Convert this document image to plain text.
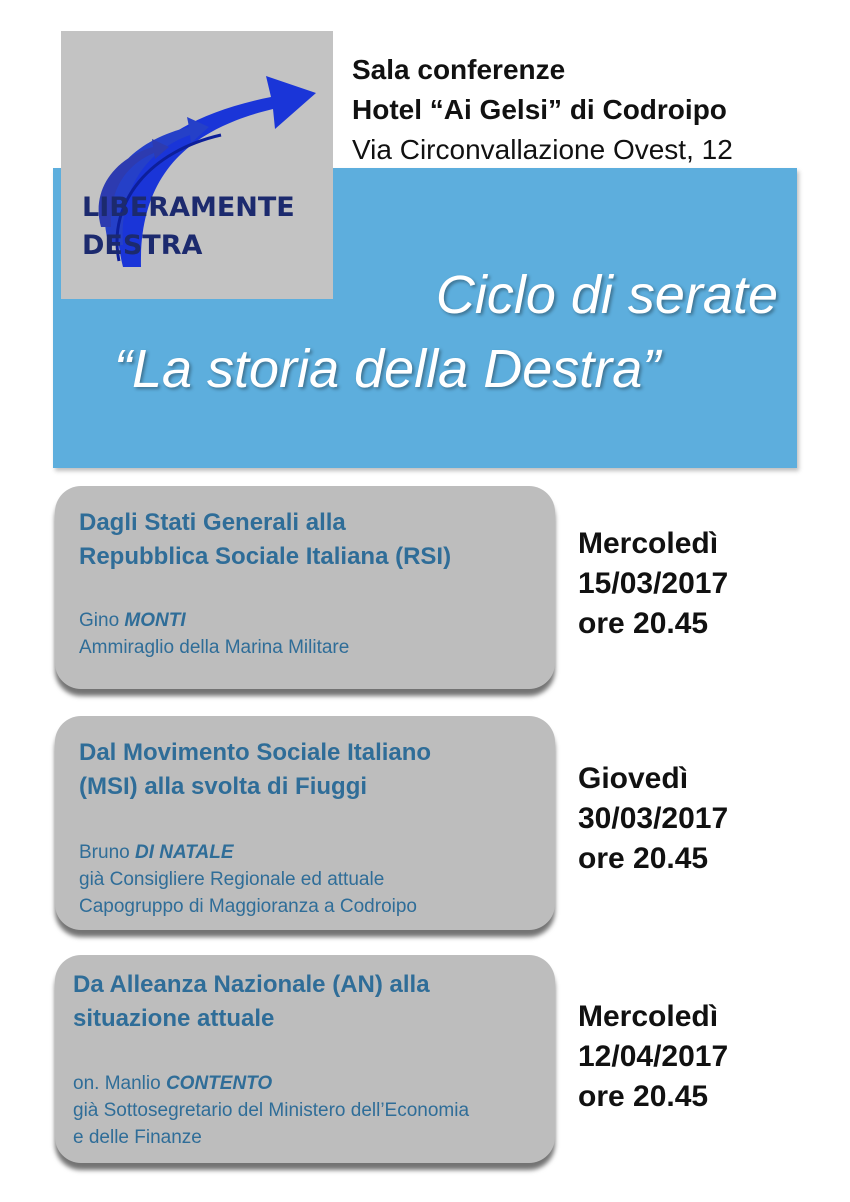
LIBERAMENTE
DESTRA
Sala conferenze
Hotel “Ai Gelsi” di Codroipo
Via Circonvallazione Ovest, 12
Ciclo di serate
“La storia della Destra”
Dagli Stati Generali alla
Repubblica Sociale Italiana (RSI)
Gino MONTI
Ammiraglio della Marina Militare
Mercoledì
15/03/2017
ore 20.45
Dal Movimento Sociale Italiano
(MSI) alla svolta di Fiuggi
Bruno DI NATALE
già Consigliere Regionale ed attuale
Capogruppo di Maggioranza a Codroipo
Giovedì
30/03/2017
ore 20.45
Da Alleanza Nazionale (AN) alla
situazione attuale
on. Manlio CONTENTO
già Sottosegretario del Ministero dell’Economia
e delle Finanze
Mercoledì
12/04/2017
ore 20.45
